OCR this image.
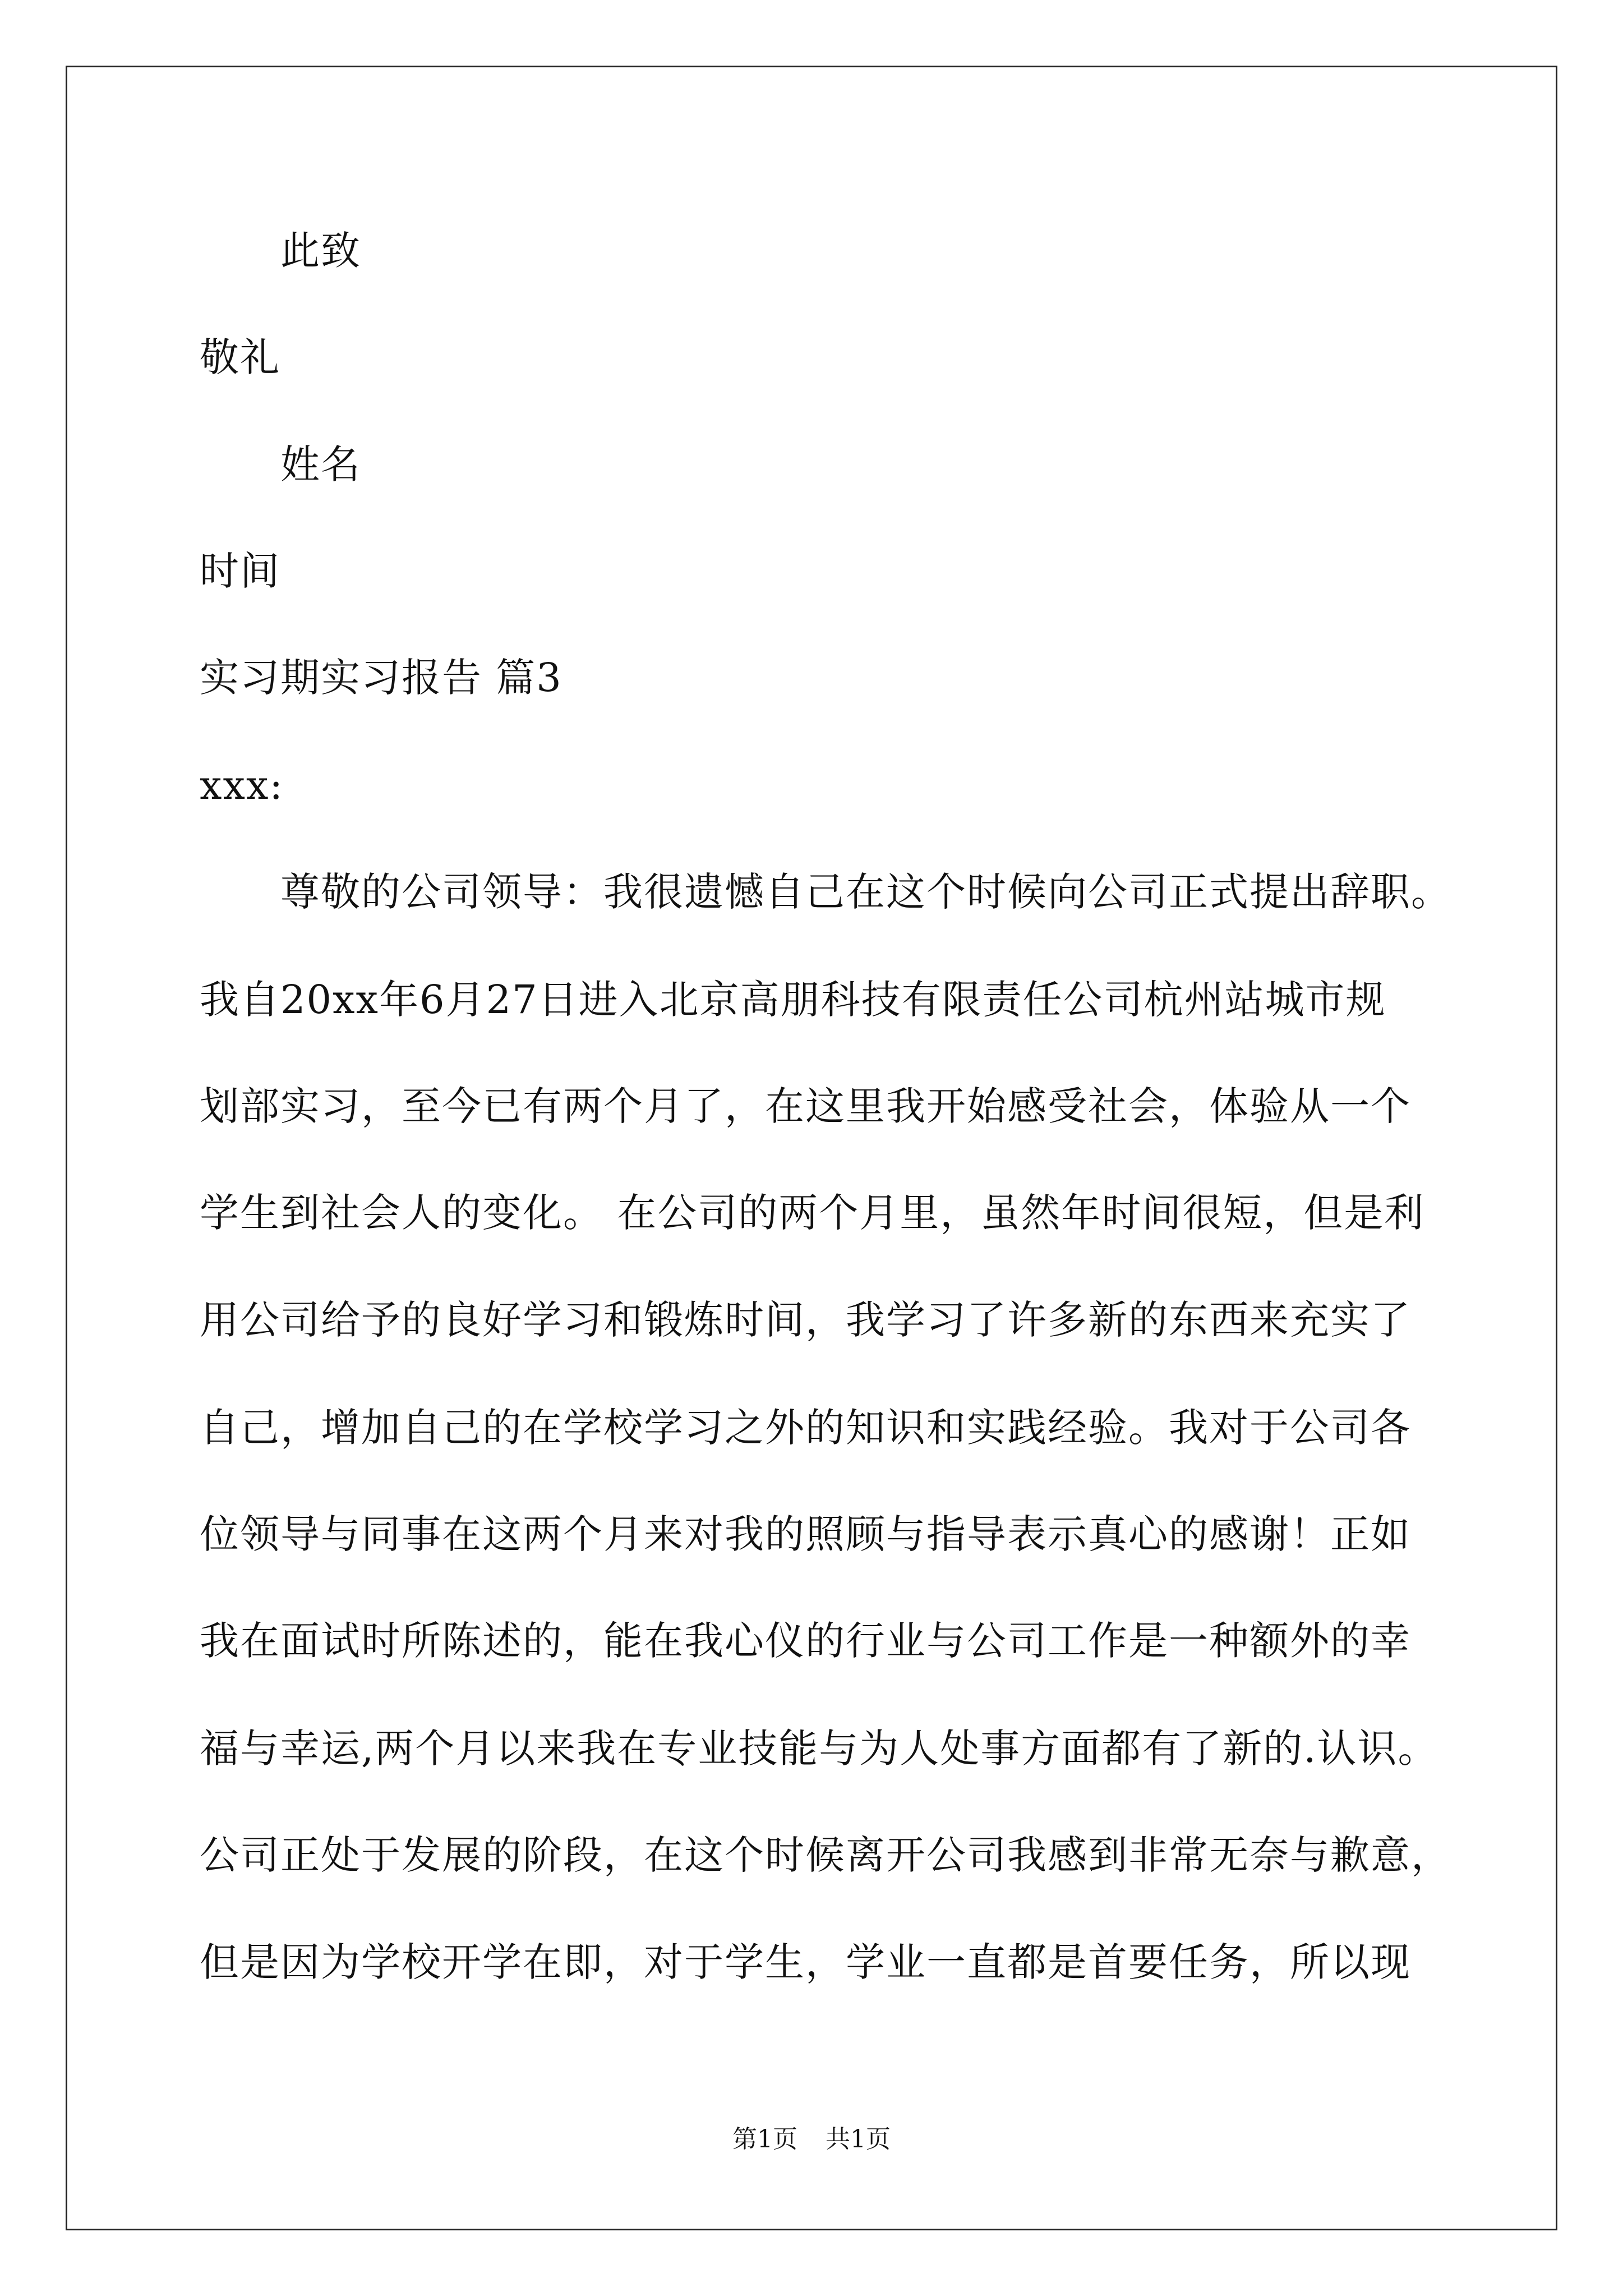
此致
敬礼
姓名
时间
实习期实习报告 篇3
xxx:
尊敬的公司领导：我很遗憾自己在这个时候向公司正式提出辞职。
我自20xx年6月27日进入北京高朋科技有限责任公司杭州站城市规
划部实习，至今已有两个月了，在这里我开始感受社会，体验从一个
学生到社会人的变化。 在公司的两个月里，虽然年时间很短，但是利
用公司给予的良好学习和锻炼时间，我学习了许多新的东西来充实了
自己，增加自己的在学校学习之外的知识和实践经验。我对于公司各
位领导与同事在这两个月来对我的照顾与指导表示真心的感谢！正如
我在面试时所陈述的，能在我心仪的行业与公司工作是一种额外的幸
福与幸运,两个月以来我在专业技能与为人处事方面都有了新的.认识。
公司正处于发展的阶段，在这个时候离开公司我感到非常无奈与歉意，
但是因为学校开学在即，对于学生，学业一直都是首要任务，所以现
第1页 共1页
